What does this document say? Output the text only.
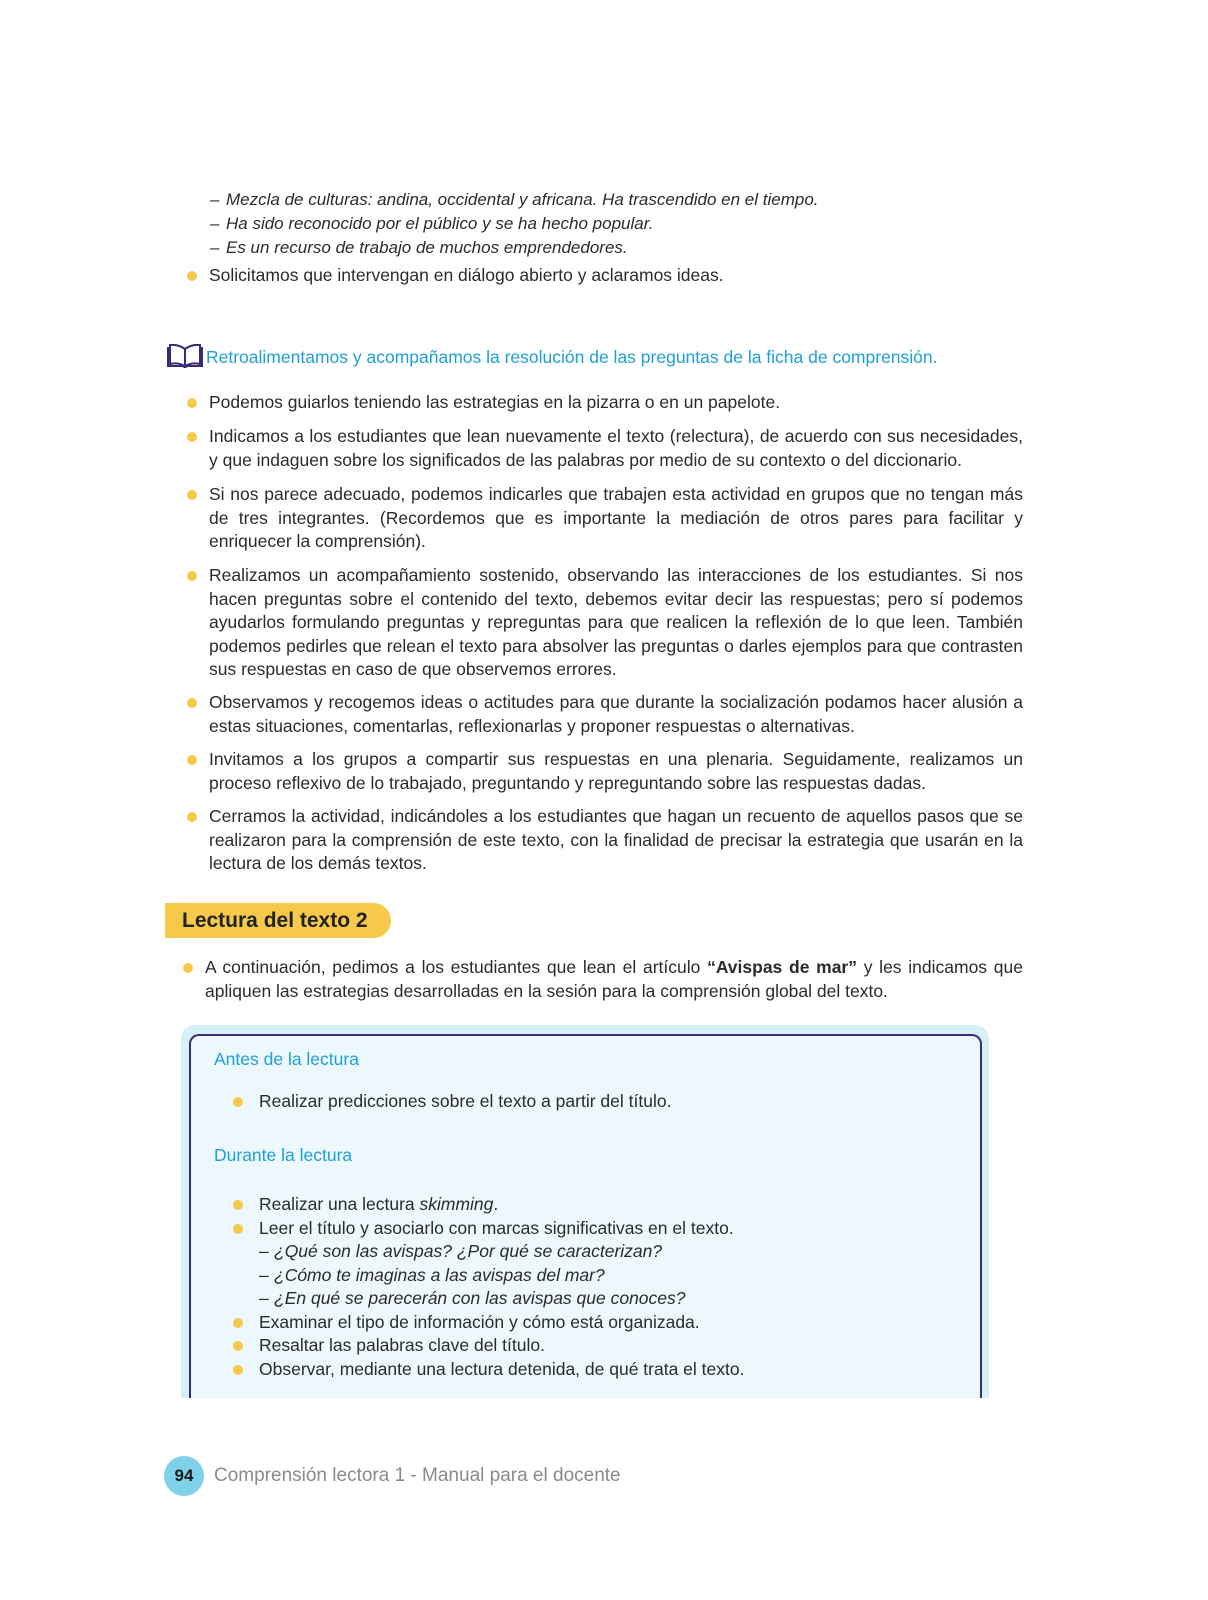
– Mezcla de culturas: andina, occidental y africana. Ha trascendido en el tiempo.
– Ha sido reconocido por el público y se ha hecho popular.
– Es un recurso de trabajo de muchos emprendedores.
Solicitamos que intervengan en diálogo abierto y aclaramos ideas.
Retroalimentamos y acompañamos la resolución de las preguntas de la ficha de comprensión.
Podemos guiarlos teniendo las estrategias en la pizarra o en un papelote.
Indicamos a los estudiantes que lean nuevamente el texto (relectura), de acuerdo con sus necesidades, y que indaguen sobre los significados de las palabras por medio de su contexto o del diccionario.
Si nos parece adecuado, podemos indicarles que trabajen esta actividad en grupos que no tengan más de tres integrantes. (Recordemos que es importante la mediación de otros pares para facilitar y enriquecer la comprensión).
Realizamos un acompañamiento sostenido, observando las interacciones de los estudiantes. Si nos hacen preguntas sobre el contenido del texto, debemos evitar decir las respuestas; pero sí podemos ayudarlos formulando preguntas y repreguntas para que realicen la reflexión de lo que leen. También podemos pedirles que relean el texto para absolver las preguntas o darles ejemplos para que contrasten sus respuestas en caso de que observemos errores.
Observamos y recogemos ideas o actitudes para que durante la socialización podamos hacer alusión a estas situaciones, comentarlas, reflexionarlas y proponer respuestas o alternativas.
Invitamos a los grupos a compartir sus respuestas en una plenaria. Seguidamente, realizamos un proceso reflexivo de lo trabajado, preguntando y repreguntando sobre las respuestas dadas.
Cerramos la actividad, indicándoles a los estudiantes que hagan un recuento de aquellos pasos que se realizaron para la comprensión de este texto, con la finalidad de precisar la estrategia que usarán en la lectura de los demás textos.
Lectura del texto 2
A continuación, pedimos a los estudiantes que lean el artículo “Avispas de mar” y les indicamos que apliquen las estrategias desarrolladas en la sesión para la comprensión global del texto.
Antes de la lectura
Realizar predicciones sobre el texto a partir del título.
Durante la lectura
Realizar una lectura skimming.
Leer el título y asociarlo con marcas significativas en el texto.
– ¿Qué son las avispas? ¿Por qué se caracterizan?
– ¿Cómo te imaginas a las avispas del mar?
– ¿En qué se parecerán con las avispas que conoces?
Examinar el tipo de información y cómo está organizada.
Resaltar las palabras clave del título.
Observar, mediante una lectura detenida, de qué trata el texto.
94	Comprensión lectora 1 - Manual para el docente
